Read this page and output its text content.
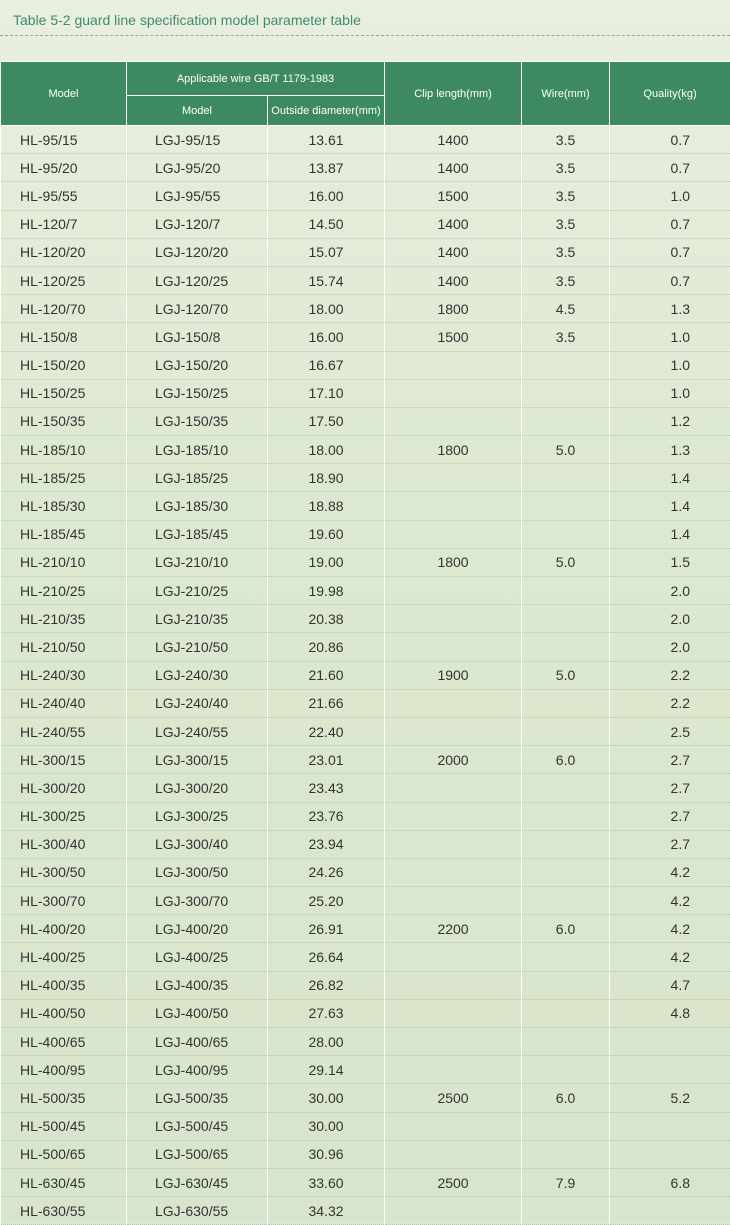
Table 5-2 guard line specification model parameter table
Model	Applicable wire GB/T 1179-1983		Clip length(mm)	Wire(mm)	Quality(kg)
	Model	Outside diameter(mm)			
HL-95/15	LGJ-95/15	13.61	1400	3.5	0.7
HL-95/20	LGJ-95/20	13.87	1400	3.5	0.7
HL-95/55	LGJ-95/55	16.00	1500	3.5	1.0
HL-120/7	LGJ-120/7	14.50	1400	3.5	0.7
HL-120/20	LGJ-120/20	15.07	1400	3.5	0.7
HL-120/25	LGJ-120/25	15.74	1400	3.5	0.7
HL-120/70	LGJ-120/70	18.00	1800	4.5	1.3
HL-150/8	LGJ-150/8	16.00	1500	3.5	1.0
HL-150/20	LGJ-150/20	16.67			1.0
HL-150/25	LGJ-150/25	17.10			1.0
HL-150/35	LGJ-150/35	17.50			1.2
HL-185/10	LGJ-185/10	18.00	1800	5.0	1.3
HL-185/25	LGJ-185/25	18.90			1.4
HL-185/30	LGJ-185/30	18.88			1.4
HL-185/45	LGJ-185/45	19.60			1.4
HL-210/10	LGJ-210/10	19.00	1800	5.0	1.5
HL-210/25	LGJ-210/25	19.98			2.0
HL-210/35	LGJ-210/35	20.38			2.0
HL-210/50	LGJ-210/50	20.86			2.0
HL-240/30	LGJ-240/30	21.60	1900	5.0	2.2
HL-240/40	LGJ-240/40	21.66			2.2
HL-240/55	LGJ-240/55	22.40			2.5
HL-300/15	LGJ-300/15	23.01	2000	6.0	2.7
HL-300/20	LGJ-300/20	23.43			2.7
HL-300/25	LGJ-300/25	23.76			2.7
HL-300/40	LGJ-300/40	23.94			2.7
HL-300/50	LGJ-300/50	24.26			4.2
HL-300/70	LGJ-300/70	25.20			4.2
HL-400/20	LGJ-400/20	26.91	2200	6.0	4.2
HL-400/25	LGJ-400/25	26.64			4.2
HL-400/35	LGJ-400/35	26.82			4.7
HL-400/50	LGJ-400/50	27.63			4.8
HL-400/65	LGJ-400/65	28.00			
HL-400/95	LGJ-400/95	29.14			
HL-500/35	LGJ-500/35	30.00	2500	6.0	5.2
HL-500/45	LGJ-500/45	30.00			
HL-500/65	LGJ-500/65	30.96			
HL-630/45	LGJ-630/45	33.60	2500	7.9	6.8
HL-630/55	LGJ-630/55	34.32			
